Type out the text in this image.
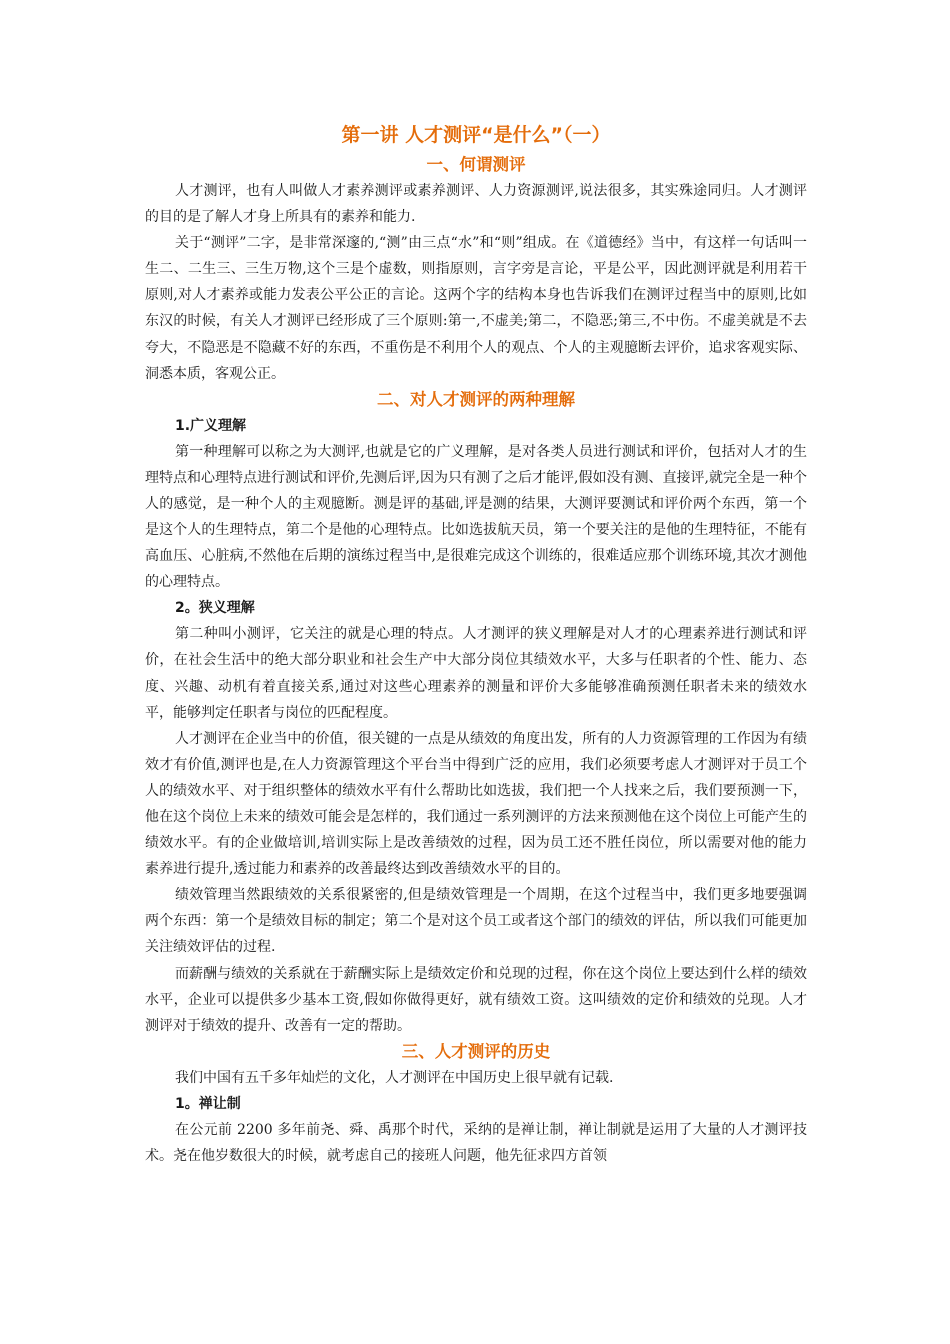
第一讲 人才测评“是什么”（一）
一、何谓测评

人才测评，也有人叫做人才素养测评或素养测评、人力资源测评,说法很多，其实殊途同归。人才测评的目的是了解人才身上所具有的素养和能力.

关于“测评”二字，是非常深邃的,“测”由三点“水”和“则”组成。在《道德经》当中，有这样一句话叫一生二、二生三、三生万物,这个三是个虚数，则指原则，言字旁是言论，平是公平，因此测评就是利用若干原则,对人才素养或能力发表公平公正的言论。这两个字的结构本身也告诉我们在测评过程当中的原则,比如东汉的时候，有关人才测评已经形成了三个原则:第一,不虚美;第二，不隐恶;第三,不中伤。不虚美就是不去夸大，不隐恶是不隐藏不好的东西，不重伤是不利用个人的观点、个人的主观臆断去评价，追求客观实际、洞悉本质，客观公正。

二、对人才测评的两种理解
1.广义理解

第一种理解可以称之为大测评,也就是它的广义理解，是对各类人员进行测试和评价，包括对人才的生理特点和心理特点进行测试和评价,先测后评,因为只有测了之后才能评,假如没有测、直接评,就完全是一种个人的感觉，是一种个人的主观臆断。测是评的基础,评是测的结果，大测评要测试和评价两个东西，第一个是这个人的生理特点，第二个是他的心理特点。比如选拔航天员，第一个要关注的是他的生理特征，不能有高血压、心脏病,不然他在后期的演练过程当中,是很难完成这个训练的，很难适应那个训练环境,其次才测他的心理特点。

2。狭义理解

第二种叫小测评，它关注的就是心理的特点。人才测评的狭义理解是对人才的心理素养进行测试和评价，在社会生活中的绝大部分职业和社会生产中大部分岗位其绩效水平，大多与任职者的个性、能力、态度、兴趣、动机有着直接关系,通过对这些心理素养的测量和评价大多能够准确预测任职者未来的绩效水平，能够判定任职者与岗位的匹配程度。

人才测评在企业当中的价值，很关键的一点是从绩效的角度出发，所有的人力资源管理的工作因为有绩效才有价值,测评也是,在人力资源管理这个平台当中得到广泛的应用，我们必须要考虑人才测评对于员工个人的绩效水平、对于组织整体的绩效水平有什么帮助比如选拔，我们把一个人找来之后，我们要预测一下，他在这个岗位上未来的绩效可能会是怎样的，我们通过一系列测评的方法来预测他在这个岗位上可能产生的绩效水平。有的企业做培训,培训实际上是改善绩效的过程，因为员工还不胜任岗位，所以需要对他的能力素养进行提升,透过能力和素养的改善最终达到改善绩效水平的目的。

绩效管理当然跟绩效的关系很紧密的,但是绩效管理是一个周期，在这个过程当中，我们更多地要强调两个东西：第一个是绩效目标的制定；第二个是对这个员工或者这个部门的绩效的评估，所以我们可能更加关注绩效评估的过程.

而薪酬与绩效的关系就在于薪酬实际上是绩效定价和兑现的过程，你在这个岗位上要达到什么样的绩效水平，企业可以提供多少基本工资,假如你做得更好，就有绩效工资。这叫绩效的定价和绩效的兑现。人才测评对于绩效的提升、改善有一定的帮助。

三、人才测评的历史

我们中国有五千多年灿烂的文化，人才测评在中国历史上很早就有记载.

1。禅让制

在公元前 2200 多年前尧、舜、禹那个时代，采纳的是禅让制，禅让制就是运用了大量的人才测评技术。尧在他岁数很大的时候，就考虑自己的接班人问题，他先征求四方首领
